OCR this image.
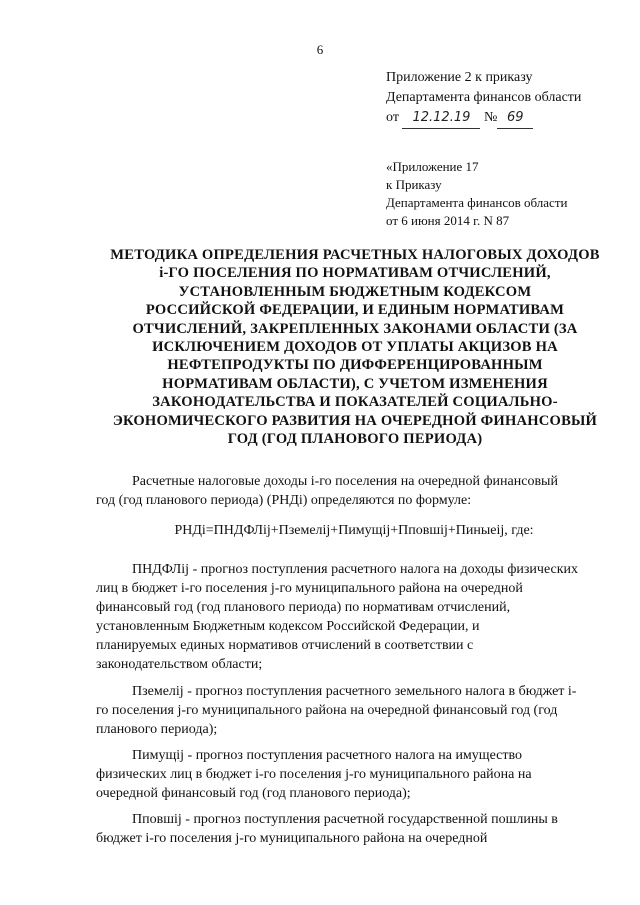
6
Приложение 2 к приказу
Департамента финансов области
от 12.12.19 № 69
«Приложение 17
к Приказу
Департамента финансов области
от 6 июня 2014 г. N 87
МЕТОДИКА ОПРЕДЕЛЕНИЯ РАСЧЕТНЫХ НАЛОГОВЫХ ДОХОДОВ
i-ГО ПОСЕЛЕНИЯ ПО НОРМАТИВАМ ОТЧИСЛЕНИЙ,
УСТАНОВЛЕННЫМ БЮДЖЕТНЫМ КОДЕКСОМ
РОССИЙСКОЙ ФЕДЕРАЦИИ, И ЕДИНЫМ НОРМАТИВАМ
ОТЧИСЛЕНИЙ, ЗАКРЕПЛЕННЫХ ЗАКОНАМИ ОБЛАСТИ (ЗА
ИСКЛЮЧЕНИЕМ ДОХОДОВ ОТ УПЛАТЫ АКЦИЗОВ НА
НЕФТЕПРОДУКТЫ ПО ДИФФЕРЕНЦИРОВАННЫМ
НОРМАТИВАМ ОБЛАСТИ), С УЧЕТОМ ИЗМЕНЕНИЯ
ЗАКОНОДАТЕЛЬСТВА И ПОКАЗАТЕЛЕЙ СОЦИАЛЬНО-
ЭКОНОМИЧЕСКОГО РАЗВИТИЯ НА ОЧЕРЕДНОЙ ФИНАНСОВЫЙ
ГОД (ГОД ПЛАНОВОГО ПЕРИОДА)
Расчетные налоговые доходы i-го поселения на очередной финансовый
год (год планового периода) (РНДi) определяются по формуле:
РНДi=ПНДФЛij+Пземелij+Пимущij+Пповшij+Пиныеij, где:
ПНДФЛij - прогноз поступления расчетного налога на доходы физических
лиц в бюджет i-го поселения j-го муниципального района на очередной
финансовый год (год планового периода) по нормативам отчислений,
установленным Бюджетным кодексом Российской Федерации, и
планируемых единых нормативов отчислений в соответствии с
законодательством области;
Пземелij - прогноз поступления расчетного земельного налога в бюджет i-
го поселения j-го муниципального района на очередной финансовый год (год
планового периода);
Пимущij - прогноз поступления расчетного налога на имущество
физических лиц в бюджет i-го поселения j-го муниципального района на
очередной финансовый год (год планового периода);
Пповшij - прогноз поступления расчетной государственной пошлины в
бюджет i-го поселения j-го муниципального района на очередной
